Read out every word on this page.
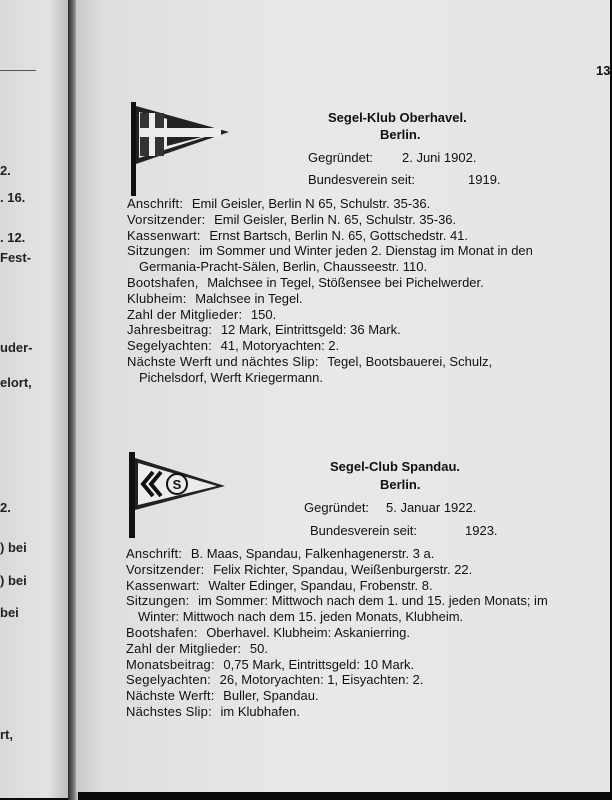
2.
. 16.
. 12.
Fest-
uder-
elort,
2.
) bei
) bei
bei
rt,
13
Segel-Klub Oberhavel.
Berlin.
Gegründet: 2. Juni 1902.
Bundesverein seit:	1919.
Anschrift: Emil Geisler, Berlin N 65, Schulstr. 35-36.
Vorsitzender: Emil Geisler, Berlin N. 65, Schulstr. 35-36.
Kassenwart: Ernst Bartsch, Berlin N. 65, Gottschedstr. 41.
Sitzungen: im Sommer und Winter jeden 2. Dienstag im Monat in den Germania-Pracht-Sälen, Berlin, Chausseestr. 110.
Bootshafen, Malchsee in Tegel, Stößensee bei Pichelwerder.
Klubheim: Malchsee in Tegel.
Zahl der Mitglieder: 150.
Jahresbeitrag: 12 Mark, Eintrittsgeld: 36 Mark.
Segelyachten: 41, Motoryachten: 2.
Nächste Werft und nächtes Slip: Tegel, Bootsbauerei, Schulz, Pichelsdorf, Werft Kriegermann.
S
Segel-Club Spandau.
Berlin.
Gegründet: 5. Januar 1922.
Bundesverein seit:	1923.
Anschrift: B. Maas, Spandau, Falkenhagenerstr. 3 a.
Vorsitzender: Felix Richter, Spandau, Weißenburgerstr. 22.
Kassenwart: Walter Edinger, Spandau, Frobenstr. 8.
Sitzungen: im Sommer: Mittwoch nach dem 1. und 15. jeden Monats; im Winter: Mittwoch nach dem 15. jeden Monats, Klubheim.
Bootshafen: Oberhavel. Klubheim: Askanierring.
Zahl der Mitglieder: 50.
Monatsbeitrag: 0,75 Mark, Eintrittsgeld: 10 Mark.
Segelyachten: 26, Motoryachten: 1, Eisyachten: 2.
Nächste Werft: Buller, Spandau.
Nächstes Slip: im Klubhafen.
